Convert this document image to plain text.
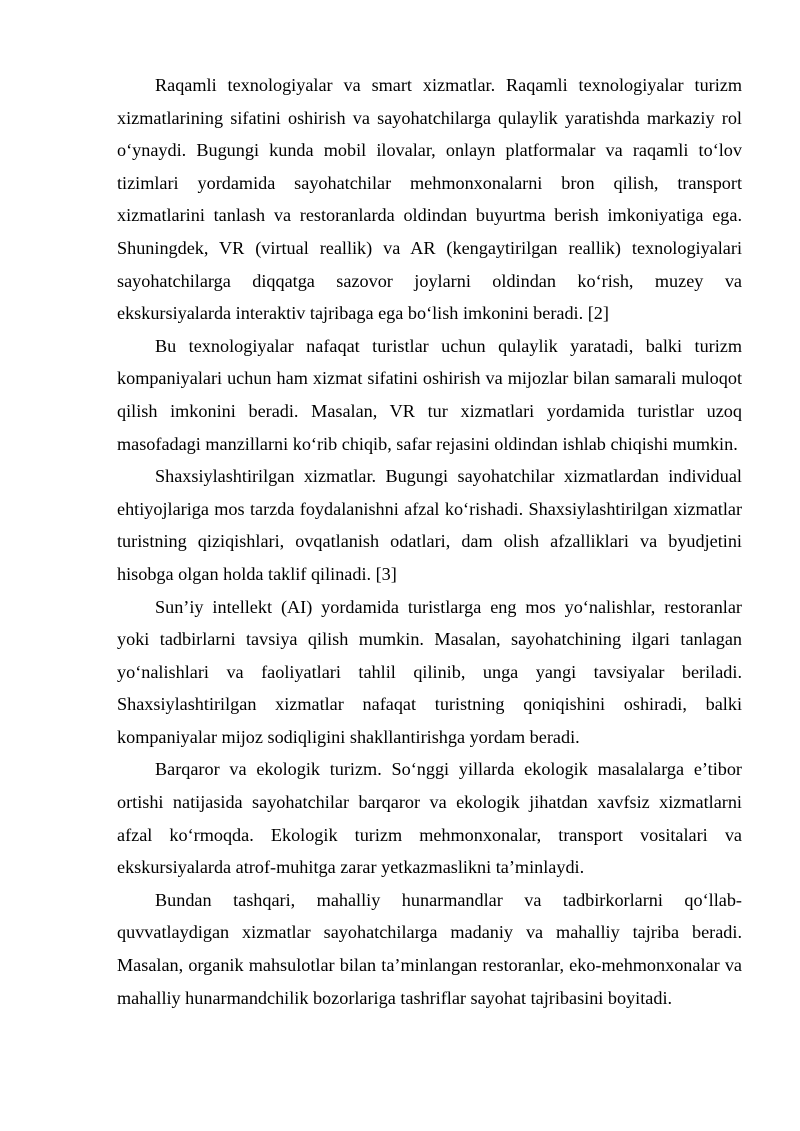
Raqamli texnologiyalar va smart xizmatlar. Raqamli texnologiyalar turizm xizmatlarining sifatini oshirish va sayohatchilarga qulaylik yaratishda markaziy rol oʻynaydi. Bugungi kunda mobil ilovalar, onlayn platformalar va raqamli toʻlov tizimlari yordamida sayohatchilar mehmonxonalarni bron qilish, transport xizmatlarini tanlash va restoranlarda oldindan buyurtma berish imkoniyatiga ega. Shuningdek, VR (virtual reallik) va AR (kengaytirilgan reallik) texnologiyalari sayohatchilarga diqqatga sazovor joylarni oldindan koʻrish, muzey va ekskursiyalarda interaktiv tajribaga ega boʻlish imkonini beradi. [2]

Bu texnologiyalar nafaqat turistlar uchun qulaylik yaratadi, balki turizm kompaniyalari uchun ham xizmat sifatini oshirish va mijozlar bilan samarali muloqot qilish imkonini beradi. Masalan, VR tur xizmatlari yordamida turistlar uzoq masofadagi manzillarni koʻrib chiqib, safar rejasini oldindan ishlab chiqishi mumkin.

Shaxsiylashtirilgan xizmatlar. Bugungi sayohatchilar xizmatlardan individual ehtiyojlariga mos tarzda foydalanishni afzal koʻrishadi. Shaxsiylashtirilgan xizmatlar turistning qiziqishlari, ovqatlanish odatlari, dam olish afzalliklari va byudjetini hisobga olgan holda taklif qilinadi. [3]

Sun’iy intellekt (AI) yordamida turistlarga eng mos yoʻnalishlar, restoranlar yoki tadbirlarni tavsiya qilish mumkin. Masalan, sayohatchining ilgari tanlagan yoʻnalishlari va faoliyatlari tahlil qilinib, unga yangi tavsiyalar beriladi. Shaxsiylashtirilgan xizmatlar nafaqat turistning qoniqishini oshiradi, balki kompaniyalar mijoz sodiqligini shakllantirishga yordam beradi.

Barqaror va ekologik turizm. Soʻnggi yillarda ekologik masalalarga e’tibor ortishi natijasida sayohatchilar barqaror va ekologik jihatdan xavfsiz xizmatlarni afzal koʻrmoqda. Ekologik turizm mehmonxonalar, transport vositalari va ekskursiyalarda atrof-muhitga zarar yetkazmaslikni ta’minlaydi.

Bundan tashqari, mahalliy hunarmandlar va tadbirkorlarni qoʻllab-quvvatlaydigan xizmatlar sayohatchilarga madaniy va mahalliy tajriba beradi. Masalan, organik mahsulotlar bilan ta’minlangan restoranlar, eko-mehmonxonalar va mahalliy hunarmandchilik bozorlariga tashriflar sayohat tajribasini boyitadi.
